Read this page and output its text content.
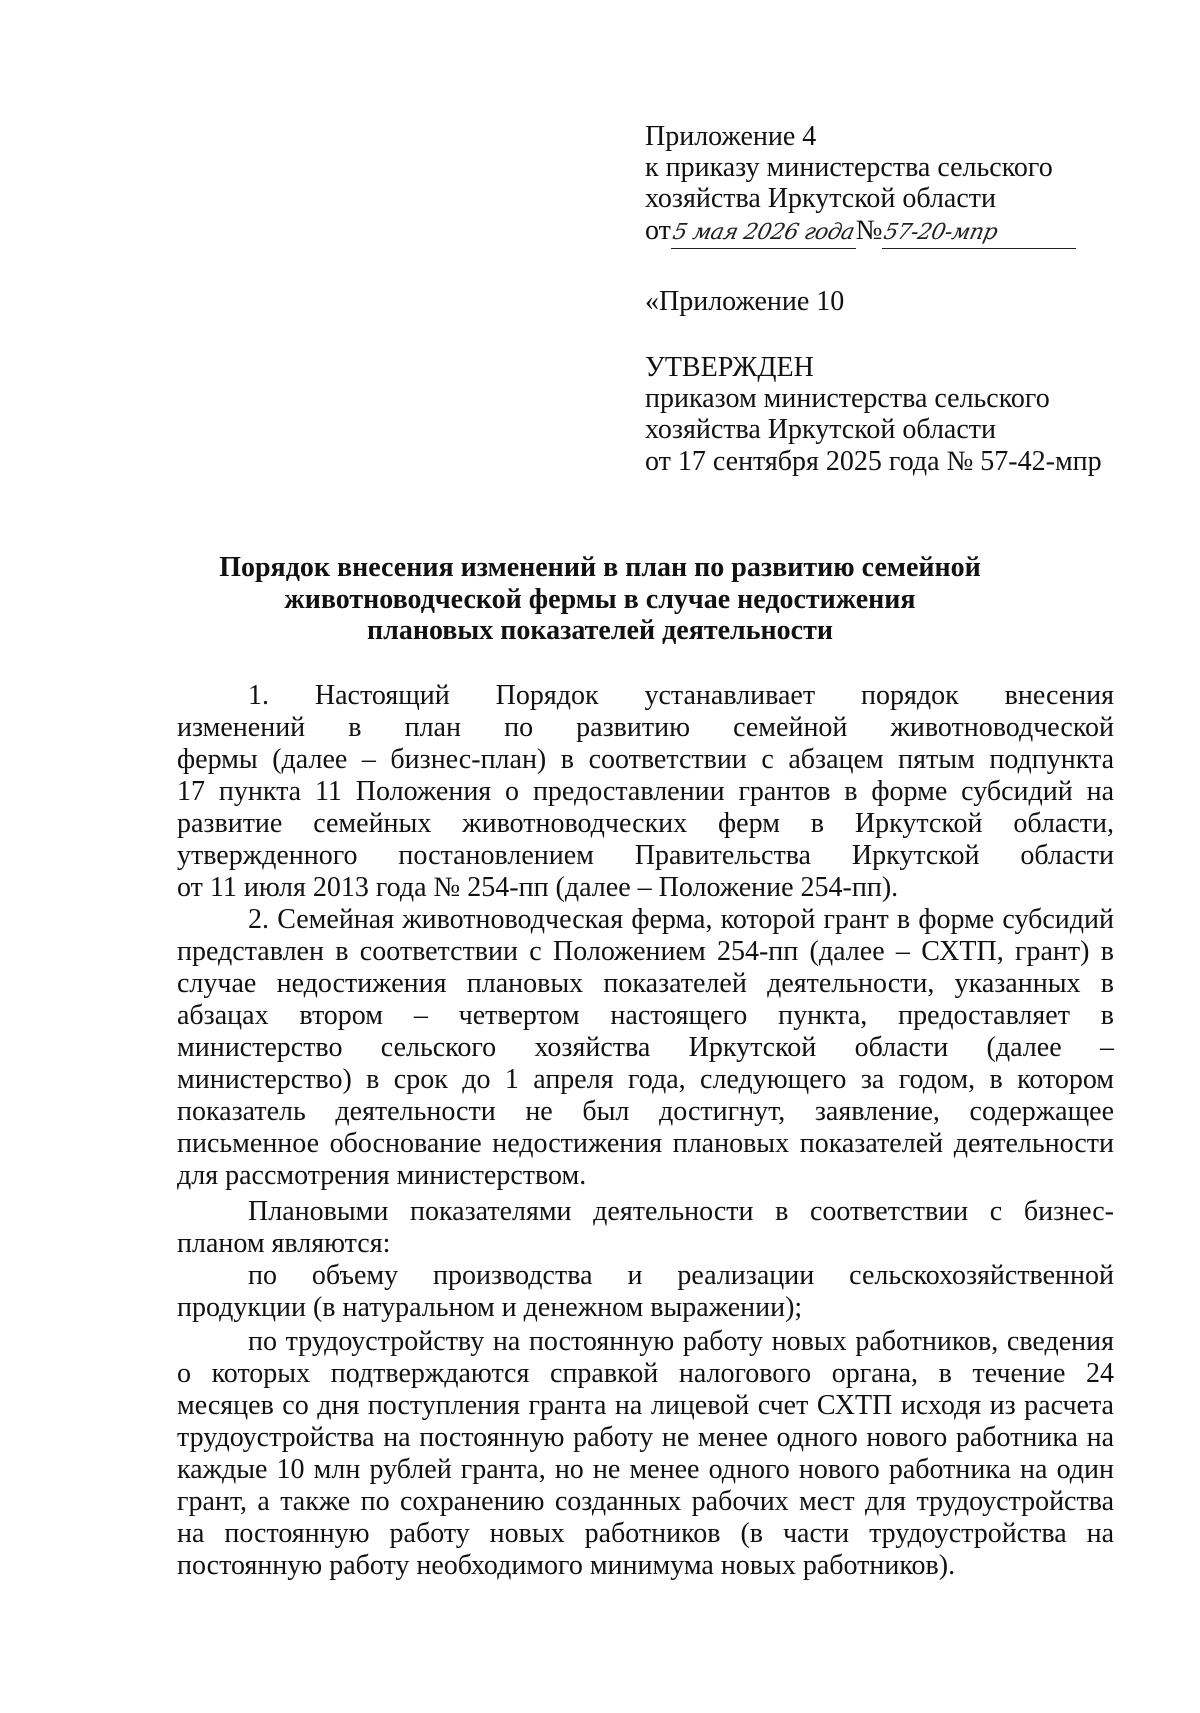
Приложение 4
к приказу министерства сельского
хозяйства Иркутской области
от5 мая 2026 года№57-20-мпр
«Приложение 10
УТВЕРЖДЕН
приказом министерства сельского
хозяйства Иркутской области
от 17 сентября 2025 года № 57-42-мпр
Порядок внесения изменений в план по развитию семейной
животноводческой фермы в случае недостижения
плановых показателей деятельности
1. Настоящий Порядок устанавливает порядок внесения
изменений в план по развитию семейной животноводческой
фермы (далее – бизнес-план) в соответствии с абзацем пятым подпункта
17 пункта 11 Положения о предоставлении грантов в форме субсидий на
развитие семейных животноводческих ферм в Иркутской области,
утвержденного постановлением Правительства Иркутской области
от 11 июля 2013 года № 254-пп (далее – Положение 254-пп).
2. Семейная животноводческая ферма, которой грант в форме субсидий
представлен в соответствии с Положением 254-пп (далее – СХТП, грант) в
случае недостижения плановых показателей деятельности, указанных в
абзацах втором – четвертом настоящего пункта, предоставляет в
министерство сельского хозяйства Иркутской области (далее –
министерство) в срок до 1 апреля года, следующего за годом, в котором
показатель деятельности не был достигнут, заявление, содержащее
письменное обоснование недостижения плановых показателей деятельности
для рассмотрения министерством.
Плановыми показателями деятельности в соответствии с бизнес-
планом являются:
по объему производства и реализации сельскохозяйственной
продукции (в натуральном и денежном выражении);
по трудоустройству на постоянную работу новых работников, сведения
о которых подтверждаются справкой налогового органа, в течение 24
месяцев со дня поступления гранта на лицевой счет СХТП исходя из расчета
трудоустройства на постоянную работу не менее одного нового работника на
каждые 10 млн рублей гранта, но не менее одного нового работника на один
грант, а также по сохранению созданных рабочих мест для трудоустройства
на постоянную работу новых работников (в части трудоустройства на
постоянную работу необходимого минимума новых работников).
